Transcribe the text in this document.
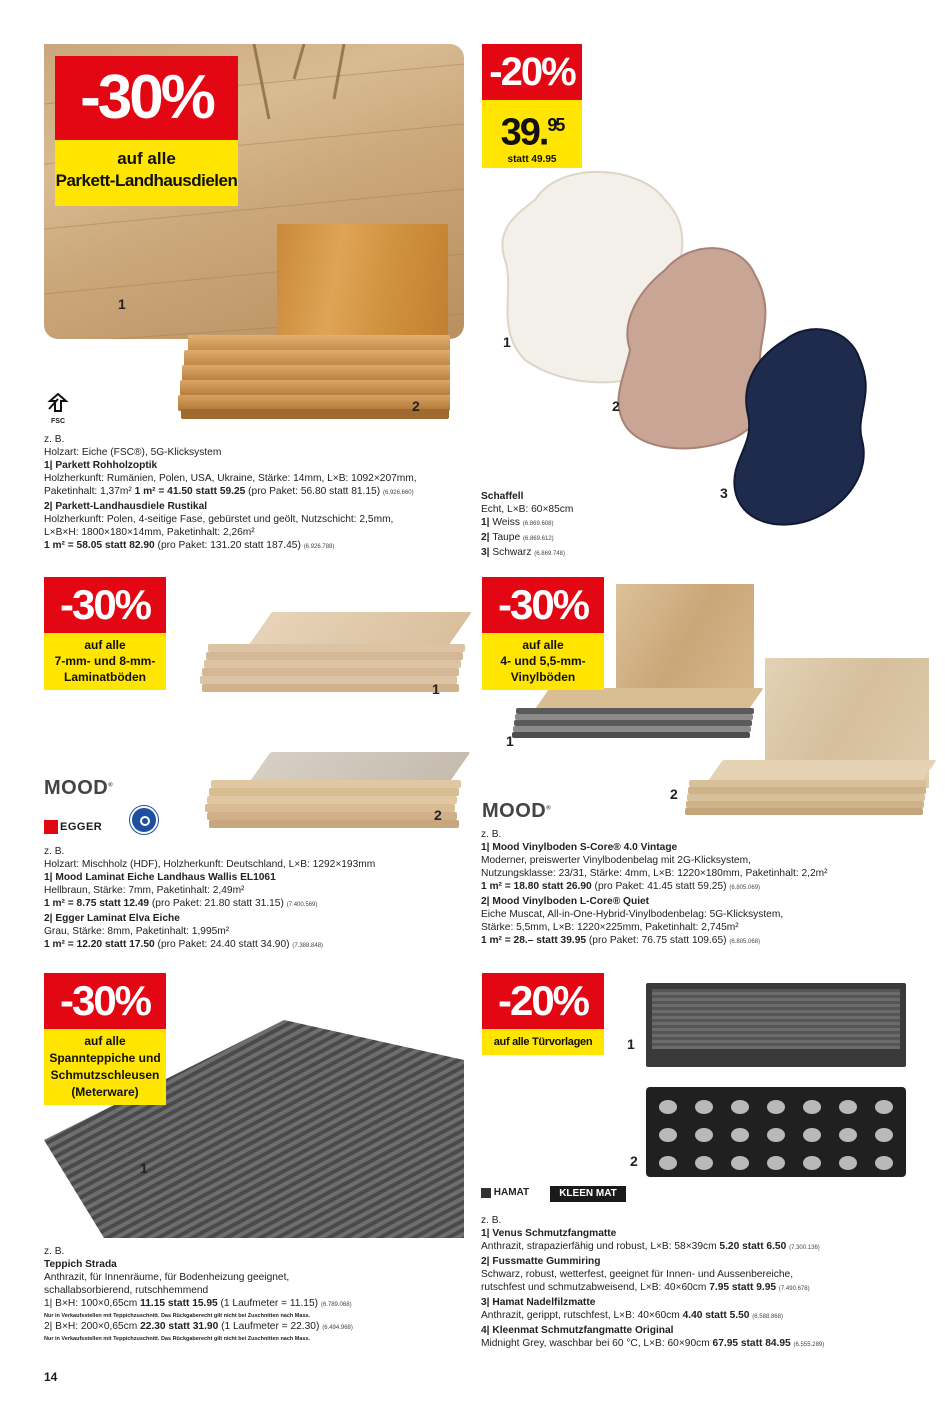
-30%
auf alle
Parkett-Landhausdielen
1
2
FSC
z. B.
Holzart: Eiche (FSC®), 5G-Klicksystem
1| Parkett Rohholzoptik
Holzherkunft: Rumänien, Polen, USA, Ukraine, Stärke: 14mm, L×B: 1092×207mm,
Paketinhalt: 1,37m² 1 m² = 41.50 statt 59.25 (pro Paket: 56.80 statt 81.15) (6.926.660)
2| Parkett-Landhausdiele Rustikal
Holzherkunft: Polen, 4-seitige Fase, gebürstet und geölt, Nutzschicht: 2,5mm,
L×B×H: 1800×180×14mm, Paketinhalt: 2,26m²
1 m² = 58.05 statt 82.90 (pro Paket: 131.20 statt 187.45) (6.926.788)
-20%
39.95
statt 49.95
1
2
3
Schaffell
Echt, L×B: 60×85cm
1| Weiss (6.869.608)
2| Taupe (6.869.612)
3| Schwarz (6.869.748)
-30%
auf alle
7-mm- und 8-mm-
Laminatböden
1
2
MOOD®
EGGER
z. B.
Holzart: Mischholz (HDF), Holzherkunft: Deutschland, L×B: 1292×193mm
1| Mood Laminat Eiche Landhaus Wallis EL1061
Hellbraun, Stärke: 7mm, Paketinhalt: 2,49m²
1 m² = 8.75 statt 12.49 (pro Paket: 21.80 statt 31.15) (7.400.569)
2| Egger Laminat Elva Eiche
Grau, Stärke: 8mm, Paketinhalt: 1,995m²
1 m² = 12.20 statt 17.50 (pro Paket: 24.40 statt 34.90) (7.388.848)
-30%
auf alle
4- und 5,5-mm-
Vinylböden
1
2
MOOD®
z. B.
1| Mood Vinylboden S-Core® 4.0 Vintage
Moderner, preiswerter Vinylbodenbelag mit 2G-Klicksystem,
Nutzungsklasse: 23/31, Stärke: 4mm, L×B: 1220×180mm, Paketinhalt: 2,2m²
1 m² = 18.80 statt 26.90 (pro Paket: 41.45 statt 59.25) (6.805.069)
2| Mood Vinylboden L-Core® Quiet
Eiche Muscat, All-in-One-Hybrid-Vinylbodenbelag: 5G-Klicksystem,
Stärke: 5,5mm, L×B: 1220×225mm, Paketinhalt: 2,745m²
1 m² = 28.– statt 39.95 (pro Paket: 76.75 statt 109.65) (6.805.068)
-30%
auf alle
Spannteppiche und
Schmutzschleusen
(Meterware)
1
z. B.
Teppich Strada
Anthrazit, für Innenräume, für Bodenheizung geeignet,
schallabsorbierend, rutschhemmend
1| B×H: 100×0,65cm 11.15 statt 15.95 (1 Laufmeter = 11.15) (6.789.068)
Nur in Verkaufsstellen mit Teppichzuschnitt. Das Rückgaberecht gilt nicht bei Zuschnitten nach Mass.
2| B×H: 200×0,65cm 22.30 statt 31.90 (1 Laufmeter = 22.30) (6.494.968)
Nur in Verkaufsstellen mit Teppichzuschnitt. Das Rückgaberecht gilt nicht bei Zuschnitten nach Mass.
-20%
auf alle Türvorlagen	1
2
HAMAT	KLEEN MAT
z. B.
1| Venus Schmutzfangmatte
Anthrazit, strapazierfähig und robust, L×B: 58×39cm 5.20 statt 6.50 (7.300.136)
2| Fussmatte Gummiring
Schwarz, robust, wetterfest, geeignet für Innen- und Aussenbereiche,
rutschfest und schmutzabweisend, L×B: 40×60cm 7.95 statt 9.95 (7.490.678)
3| Hamat Nadelfilzmatte
Anthrazit, gerippt, rutschfest, L×B: 40×60cm 4.40 statt 5.50 (6.588.868)
4| Kleenmat Schmutzfangmatte Original
Midnight Grey, waschbar bei 60 °C, L×B: 60×90cm 67.95 statt 84.95 (6.555.289)
14
